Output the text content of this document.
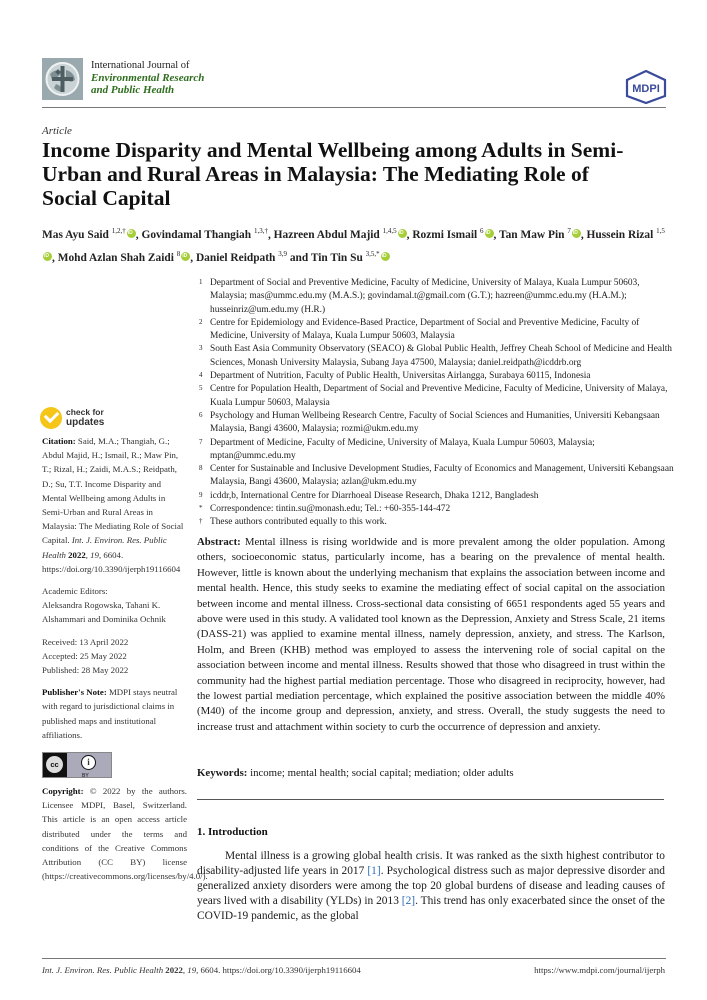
International Journal of
Environmental Research
and Public Health	MDPI
Article
Income Disparity and Mental Wellbeing among Adults in Semi-Urban and Rural Areas in Malaysia: The Mediating Role of Social Capital
Mas Ayu Said $^{1,2,\dagger}$ iD , Govindamal Thangiah $^{1,3,\dagger}$, Hazreen Abdul Majid $^{1,4,5}$ iD , Rozmi Ismail $^6$ iD , Tan Maw Pin $^7$ iD , Hussein Rizal $^{1,5}$iD, Mohd Azlan Shah Zaidi $^8$ iD , Daniel Reidpath $^{3,9}$ and Tin Tin Su $^{3,5,*}$iD
1 Department of Social and Preventive Medicine, Faculty of Medicine, University of Malaya, Kuala Lumpur 50603, Malaysia; mas@ummc.edu.my (M.A.S.); govindamal.t@gmail.com (G.T.); hazreen@ummc.edu.my (H.A.M.); husseinriz@um.edu.my (H.R.)
2 Centre for Epidemiology and Evidence-Based Practice, Department of Social and Preventive Medicine, Faculty of Medicine, University of Malaya, Kuala Lumpur 50603, Malaysia
3 South East Asia Community Observatory (SEACO) & Global Public Health, Jeffrey Cheah School of Medicine and Health Sciences, Monash University Malaysia, Subang Jaya 47500, Malaysia; daniel.reidpath@icddrb.org
4 Department of Nutrition, Faculty of Public Health, Universitas Airlangga, Surabaya 60115, Indonesia
5 Centre for Population Health, Department of Social and Preventive Medicine, Faculty of Medicine, University of Malaya, Kuala Lumpur 50603, Malaysia
6 Psychology and Human Wellbeing Research Centre, Faculty of Social Sciences and Humanities, Universiti Kebangsaan Malaysia, Bangi 43600, Malaysia; rozmi@ukm.edu.my
7 Department of Medicine, Faculty of Medicine, University of Malaya, Kuala Lumpur 50603, Malaysia; mptan@ummc.edu.my
8 Center for Sustainable and Inclusive Development Studies, Faculty of Economics and Management, Universiti Kebangsaan Malaysia, Bangi 43600, Malaysia; azlan@ukm.edu.my
9 icddr,b, International Centre for Diarrhoeal Disease Research, Dhaka 1212, Bangladesh
* Correspondence: tintin.su@monash.edu; Tel.: +60-355-144-472
† These authors contributed equally to this work.
check for
updates

Citation: Said, M.A.; Thangiah, G.; Abdul Majid, H.; Ismail, R.; Maw Pin, T.; Rizal, H.; Zaidi, M.A.S.; Reidpath, D.; Su, T.T. Income Disparity and Mental Wellbeing among Adults in Semi-Urban and Rural Areas in Malaysia: The Mediating Role of Social Capital. Int. J. Environ. Res. Public Health 2022, 19, 6604. https://doi.org/10.3390/ijerph19116604

Academic Editors:
Aleksandra Rogowska, Tahani K. Alshammari and Dominika Ochnik

Received: 13 April 2022
Accepted: 25 May 2022
Published: 28 May 2022

Publisher's Note: MDPI stays neutral with regard to jurisdictional claims in published maps and institutional affiliations.

cc	i
BY

Copyright: © 2022 by the authors. Licensee MDPI, Basel, Switzerland. This article is an open access article distributed under the terms and conditions of the Creative Commons Attribution (CC BY) license (https://creativecommons.org/licenses/by/4.0/).

Abstract: Mental illness is rising worldwide and is more prevalent among the older population. Among others, socioeconomic status, particularly income, has a bearing on the prevalence of mental health. However, little is known about the underlying mechanism that explains the association between income and mental health. Hence, this study seeks to examine the mediating effect of social capital on the association between income and mental illness. Cross-sectional data consisting of 6651 respondents aged 55 years and above were used in this study. A validated tool known as the Depression, Anxiety and Stress Scale, 21 items (DASS-21) was applied to examine mental illness, namely depression, anxiety, and stress. The Karlson, Holm, and Breen (KHB) method was employed to assess the intervening role of social capital on the association between income and mental illness. Results showed that those who disagreed in trust within the community had the highest partial mediation percentage. Those who disagreed in reciprocity, however, had the lowest partial mediation percentage, which explained the positive association between the middle 40% (M40) of the income group and depression, anxiety, and stress. Overall, the study suggests the need to increase trust and attachment within society to curb the occurrence of depression and anxiety.
Keywords: income; mental health; social capital; mediation; older adults
1. Introduction
Mental illness is a growing global health crisis. It was ranked as the sixth highest contributor to disability-adjusted life years in 2017 [1]. Psychological distress such as major depressive disorder and generalized anxiety disorders were among the top 20 global burdens of disease and leading causes of years lived with a disability (YLDs) in 2013 [2]. This trend has only exacerbated since the onset of the COVID-19 pandemic, as the global
Int. J. Environ. Res. Public Health 2022, 19, 6604. https://doi.org/10.3390/ijerph19116604	https://www.mdpi.com/journal/ijerph
